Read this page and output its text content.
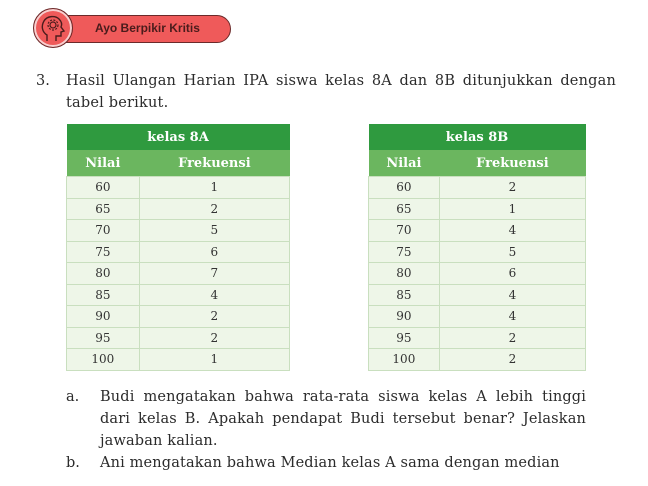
Ayo Berpikir Kritis
3. Hasil Ulangan Harian IPA siswa kelas 8A dan 8B ditunjukkan dengan tabel berikut.
kelas 8A	
Nilai	Frekuensi
60	1
65	2
70	5
75	6
80	7
85	4
90	2
95	2
100	1
kelas 8B	
Nilai	Frekuensi
60	2
65	1
70	4
75	5
80	6
85	4
90	4
95	2
100	2
a. Budi mengatakan bahwa rata-rata siswa kelas A lebih tinggi dari kelas B. Apakah pendapat Budi tersebut benar? Jelaskan jawaban kalian.
b. Ani mengatakan bahwa Median kelas A sama dengan median
